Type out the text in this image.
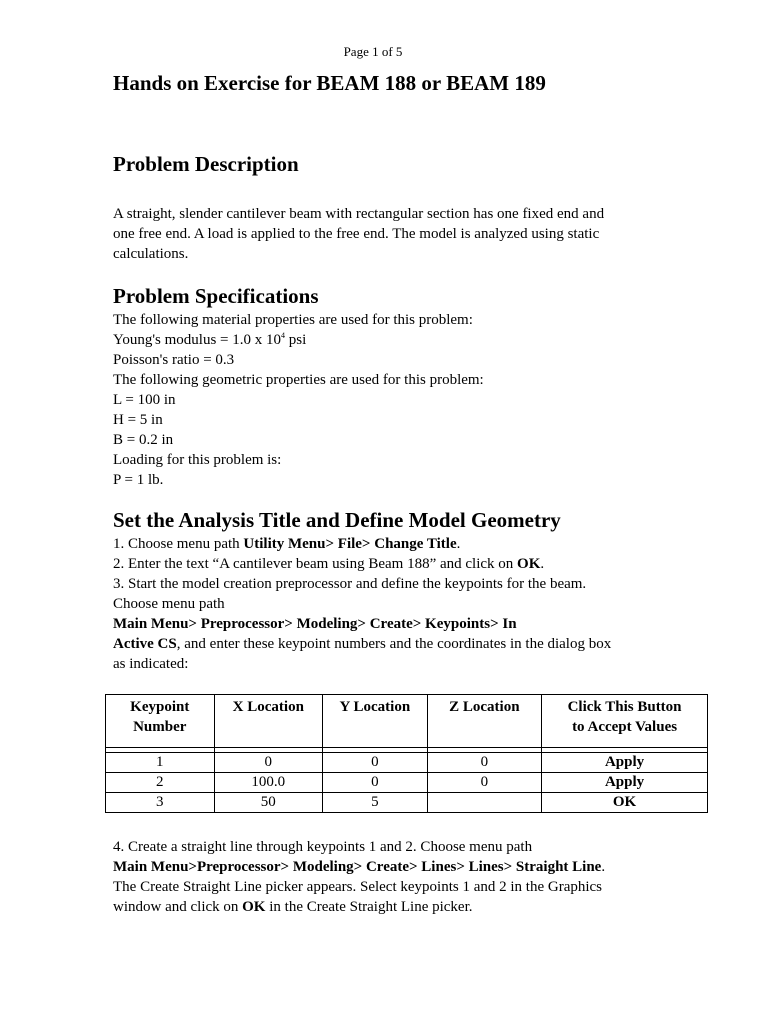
Page 1 of 5
Hands on Exercise for BEAM 188 or BEAM 189
Problem Description
A straight, slender cantilever beam with rectangular section has one fixed end and
one free end. A load is applied to the free end. The model is analyzed using static
calculations.
Problem Specifications
The following material properties are used for this problem:
Young's modulus = 1.0 x $10^4$ psi
Poisson's ratio = 0.3
The following geometric properties are used for this problem:
L = 100 in
H = 5 in
B = 0.2 in
Loading for this problem is:
P = 1 lb.
Set the Analysis Title and Define Model Geometry
1. Choose menu path Utility Menu> File> Change Title.
2. Enter the text “A cantilever beam using Beam 188” and click on OK.
3. Start the model creation preprocessor and define the keypoints for the beam.
Choose menu path
Main Menu> Preprocessor> Modeling> Create> Keypoints> In
Active CS, and enter these keypoint numbers and the coordinates in the dialog box
as indicated:
Keypoint
Number	X Location	Y Location	Z Location	Click This Button
to Accept Values

1	0	0	0	Apply
2	100.0	0	0	Apply
3	50	5		OK
4. Create a straight line through keypoints 1 and 2. Choose menu path
Main Menu>Preprocessor> Modeling> Create> Lines> Lines> Straight Line.
The Create Straight Line picker appears. Select keypoints 1 and 2 in the Graphics
window and click on OK in the Create Straight Line picker.
